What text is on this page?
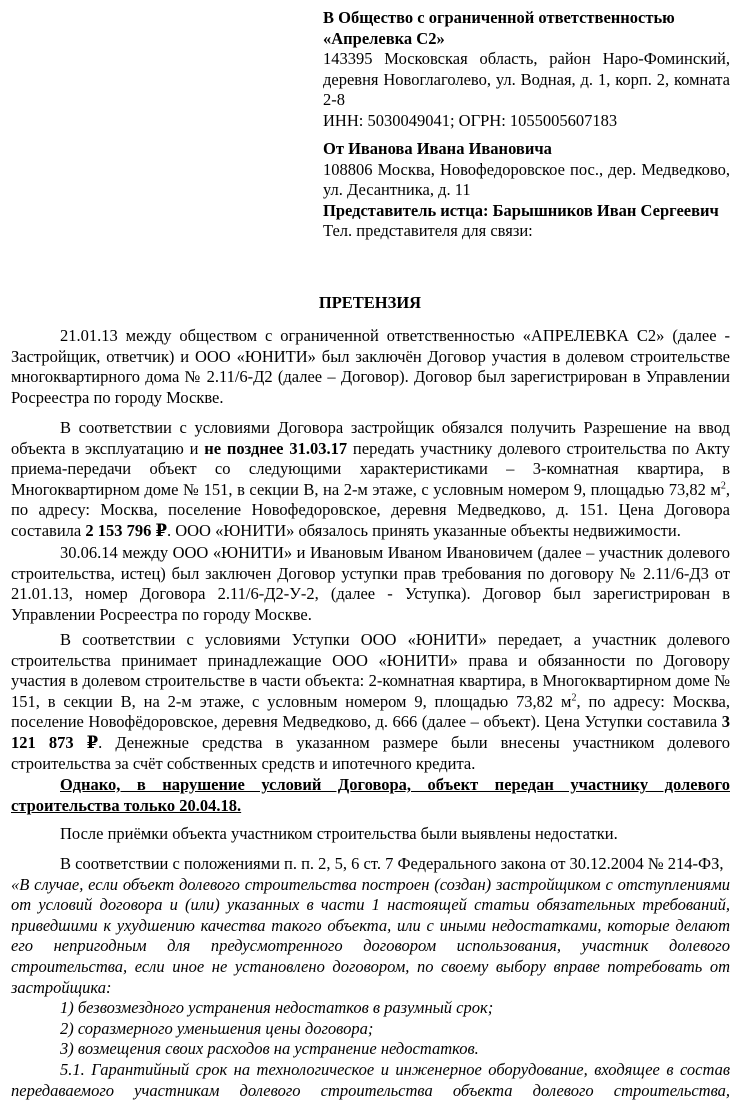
В Общество с ограниченной ответственностью
«Апрелевка С2»
143395 Московская область, район Наро-Фоминский,
деревня Новоглаголево, ул. Водная, д. 1, корп. 2, комната
2-8
ИНН: 5030049041; ОГРН: 1055005607183
От Иванова Ивана Ивановича
108806 Москва, Новофедоровское пос., дер. Медведково,
ул. Десантника, д. 11
Представитель истца: Барышников Иван Сергеевич
Тел. представителя для связи:
ПРЕТЕНЗИЯ

21.01.13 между обществом с ограниченной ответственностью «АПРЕЛЕВКА С2» (далее - Застройщик, ответчик) и ООО «ЮНИТИ» был заключён Договор участия в долевом строительстве многоквартирного дома № 2.11/6-Д2 (далее – Договор). Договор был зарегистрирован в Управлении Росреестра по городу Москве.

В соответствии с условиями Договора застройщик обязался получить Разрешение на ввод объекта в эксплуатацию и не позднее 31.03.17 передать участнику долевого строительства по Акту приема-передачи объект со следующими характеристиками – 3-комнатная квартира, в Многоквартирном доме № 151, в секции В, на 2-м этаже, с условным номером 9, площадью 73,82 $м^2$, по адресу: Москва, поселение Новофедоровское, деревня Медведково, д. 151. Цена Договора составила 2 153 796 ₽. ООО «ЮНИТИ» обязалось принять указанные объекты недвижимости.

30.06.14 между ООО «ЮНИТИ» и Ивановым Иваном Ивановичем (далее – участник долевого строительства, истец) был заключен Договор уступки прав требования по договору № 2.11/6-Д3 от 21.01.13, номер Договора 2.11/6-Д2-У-2, (далее - Уступка). Договор был зарегистрирован в Управлении Росреестра по городу Москве.

В соответствии с условиями Уступки ООО «ЮНИТИ» передает, а участник долевого строительства принимает принадлежащие ООО «ЮНИТИ» права и обязанности по Договору участия в долевом строительстве в части объекта: 2-комнатная квартира, в Многоквартирном доме № 151, в секции В, на 2-м этаже, с условным номером 9, площадью 73,82 $м^2$, по адресу: Москва, поселение Новофёдоровское, деревня Медведково, д. 666 (далее – объект). Цена Уступки составила 3 121 873 ₽. Денежные средства в указанном размере были внесены участником долевого строительства за счёт собственных средств и ипотечного кредита.

Однако, в нарушение условий Договора, объект передан участнику долевого строительства только 20.04.18.

После приёмки объекта участником строительства были выявлены недостатки.

В соответствии с положениями п. п. 2, 5, 6 ст. 7 Федерального закона от 30.12.2004 № 214-ФЗ,

«В случае, если объект долевого строительства построен (создан) застройщиком с отступлениями от условий договора и (или) указанных в части 1 настоящей статьи обязательных требований, приведшими к ухудшению качества такого объекта, или с иными недостатками, которые делают его непригодным для предусмотренного договором использования, участник долевого строительства, если иное не установлено договором, по своему выбору вправе потребовать от застройщика:

1) безвозмездного устранения недостатков в разумный срок;
2) соразмерного уменьшения цены договора;
3) возмещения своих расходов на устранение недостатков.

5.1. Гарантийный срок на технологическое и инженерное оборудование, входящее в состав передаваемого участникам долевого строительства объекта долевого строительства,
